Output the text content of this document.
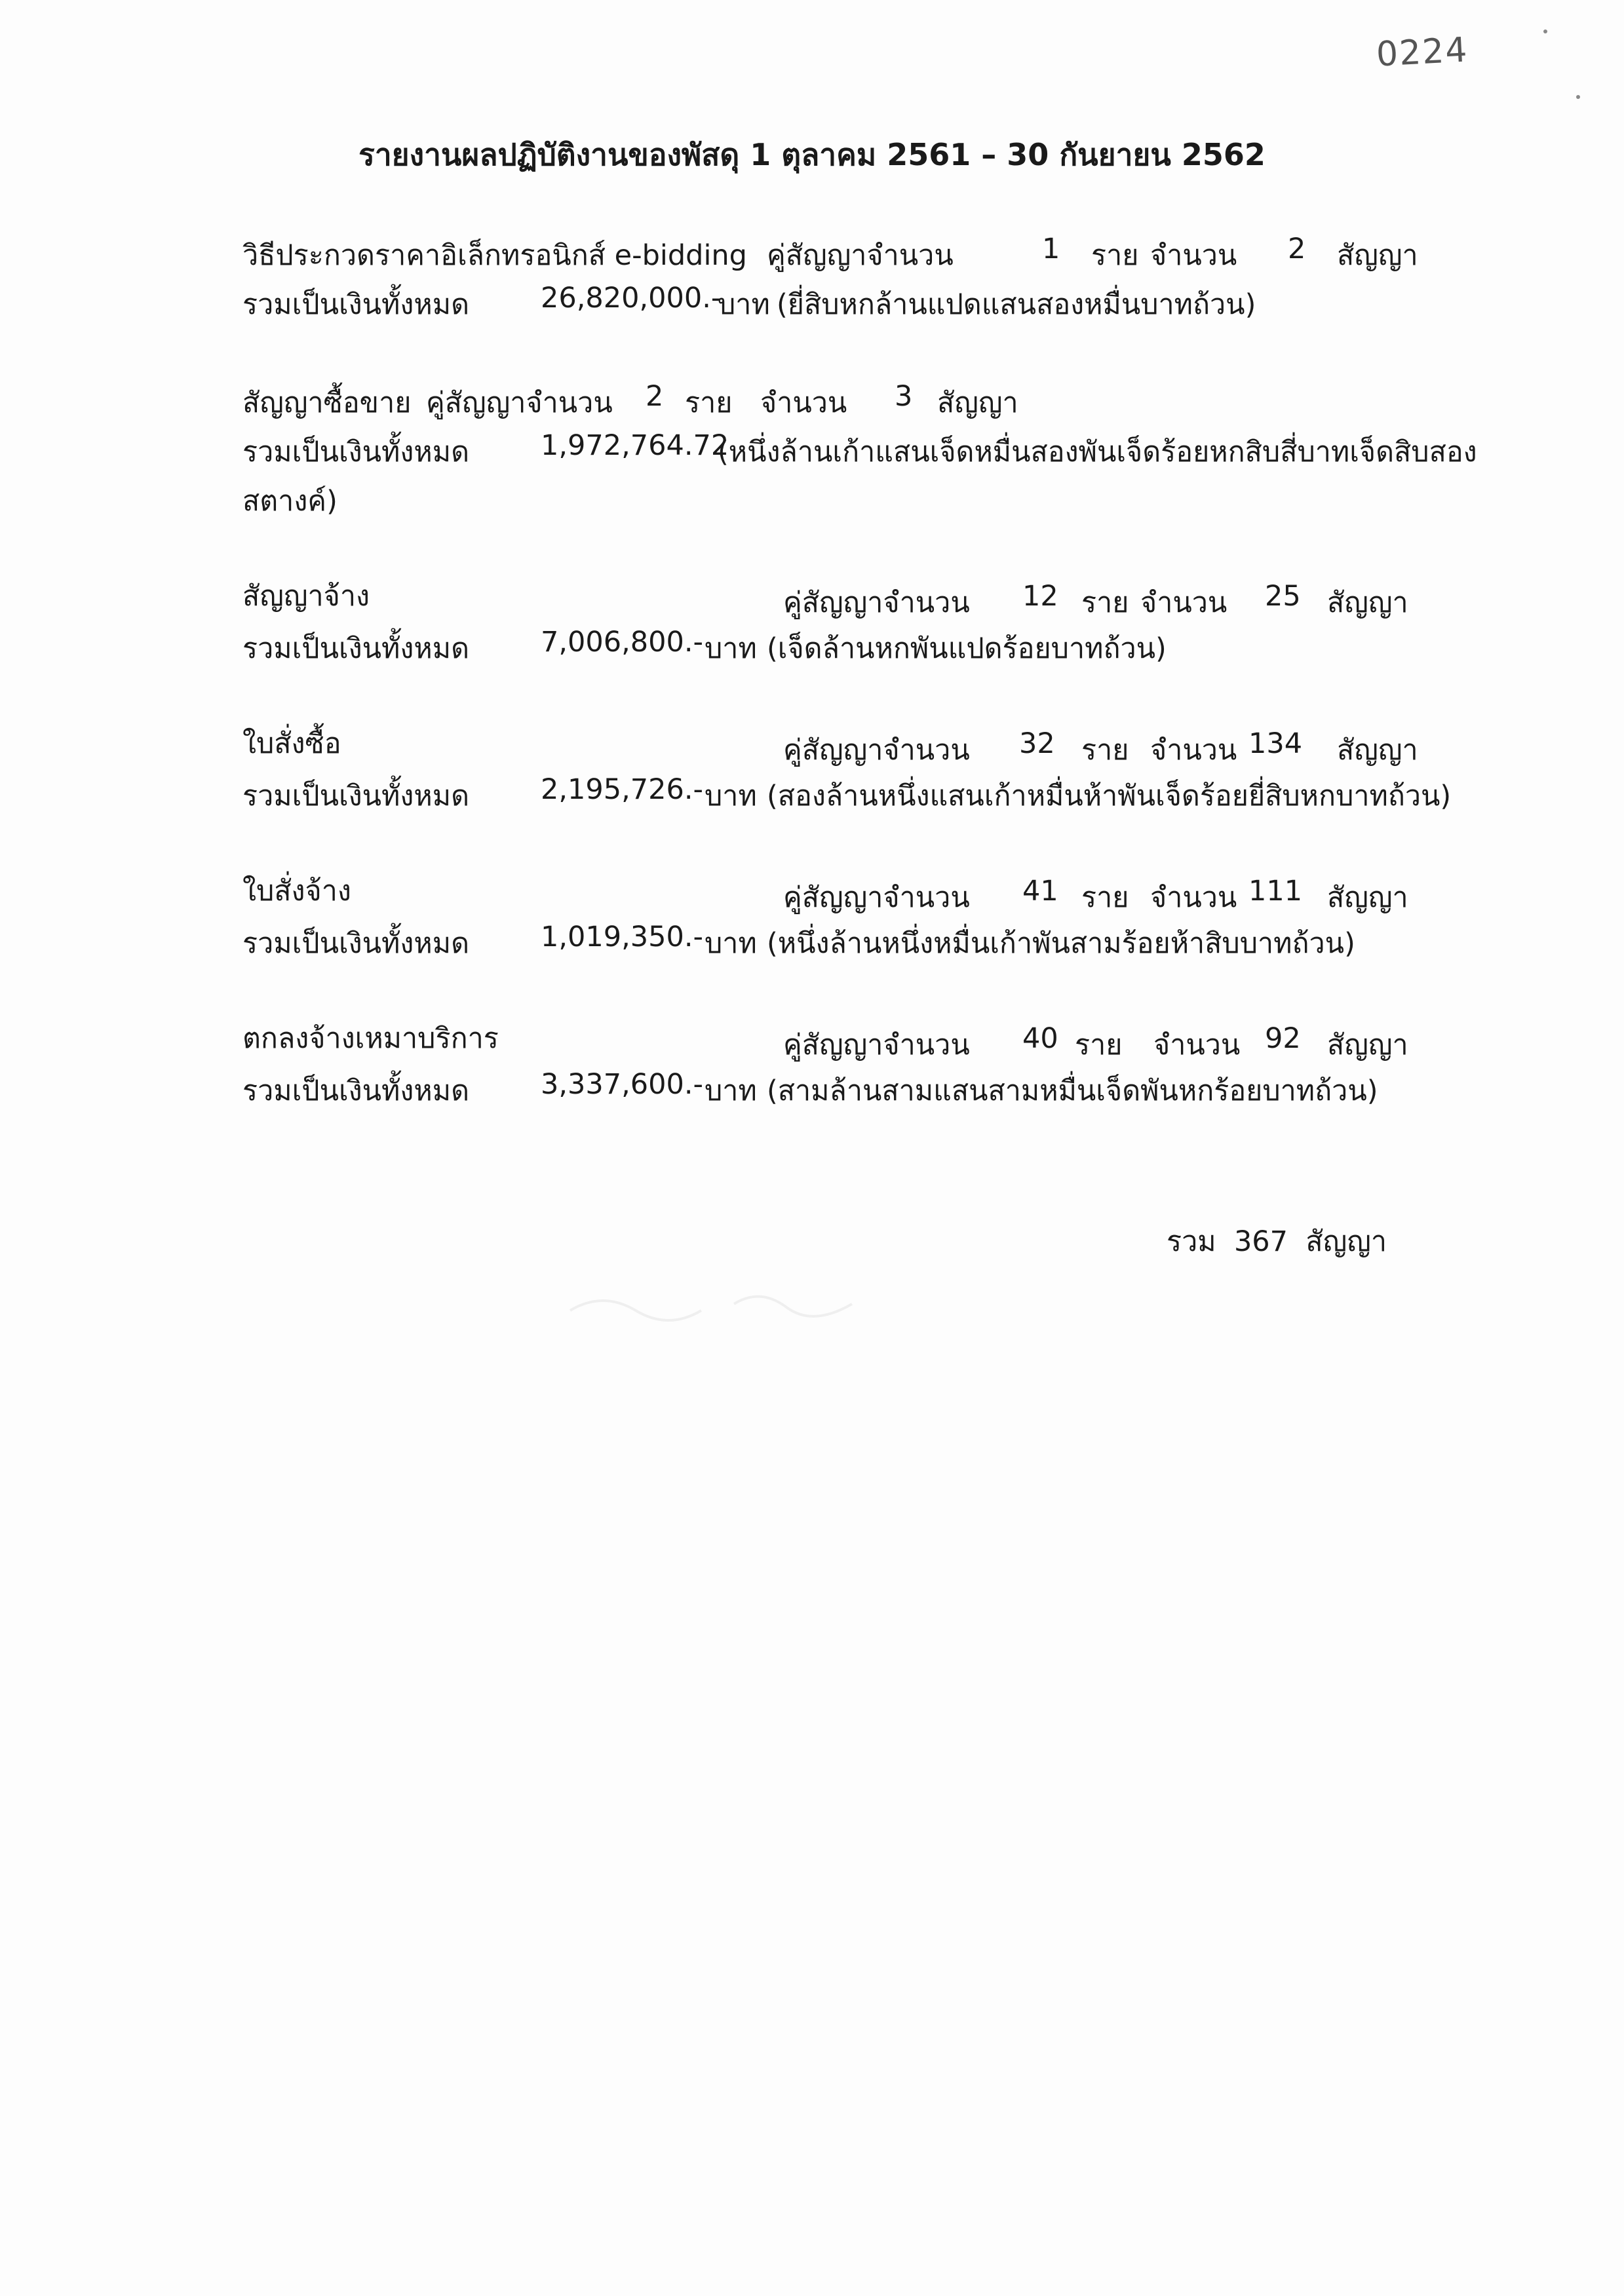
0224
รายงานผลปฏิบัติงานของพัสดุ 1 ตุลาคม 2561 – 30 กันยายน 2562
วิธีประกวดราคาอิเล็กทรอนิกส์ e-bidding คู่สัญญาจำนวน	1 ราย จำนวน 2 สัญญา
รวมเป็นเงินทั้งหมด	26,820,000.-
บาท (ยี่สิบหกล้านแปดแสนสองหมื่นบาทถ้วน)
สัญญาซื้อขาย คู่สัญญาจำนวน 2 ราย จำนวน 3 สัญญา
รวมเป็นเงินทั้งหมด	1,972,764.72
(หนึ่งล้านเก้าแสนเจ็ดหมื่นสองพันเจ็ดร้อยหกสิบสี่บาทเจ็ดสิบสอง
สตางค์)
สัญญาจ้าง	คู่สัญญาจำนวน 12 ราย จำนวน 25 สัญญา
รวมเป็นเงินทั้งหมด	7,006,800.- บาท (เจ็ดล้านหกพันแปดร้อยบาทถ้วน)
ใบสั่งซื้อ	คู่สัญญาจำนวน 32 ราย จำนวน 134 สัญญา
รวมเป็นเงินทั้งหมด	2,195,726.- บาท (สองล้านหนึ่งแสนเก้าหมื่นห้าพันเจ็ดร้อยยี่สิบหกบาทถ้วน)
ใบสั่งจ้าง	คู่สัญญาจำนวน 41 ราย จำนวน 111 สัญญา
รวมเป็นเงินทั้งหมด	1,019,350.- บาท (หนึ่งล้านหนึ่งหมื่นเก้าพันสามร้อยห้าสิบบาทถ้วน)
ตกลงจ้างเหมาบริการ	คู่สัญญาจำนวน 40 ราย จำนวน 92 สัญญา
รวมเป็นเงินทั้งหมด	3,337,600.- บาท (สามล้านสามแสนสามหมื่นเจ็ดพันหกร้อยบาทถ้วน)
รวม 367 สัญญา
